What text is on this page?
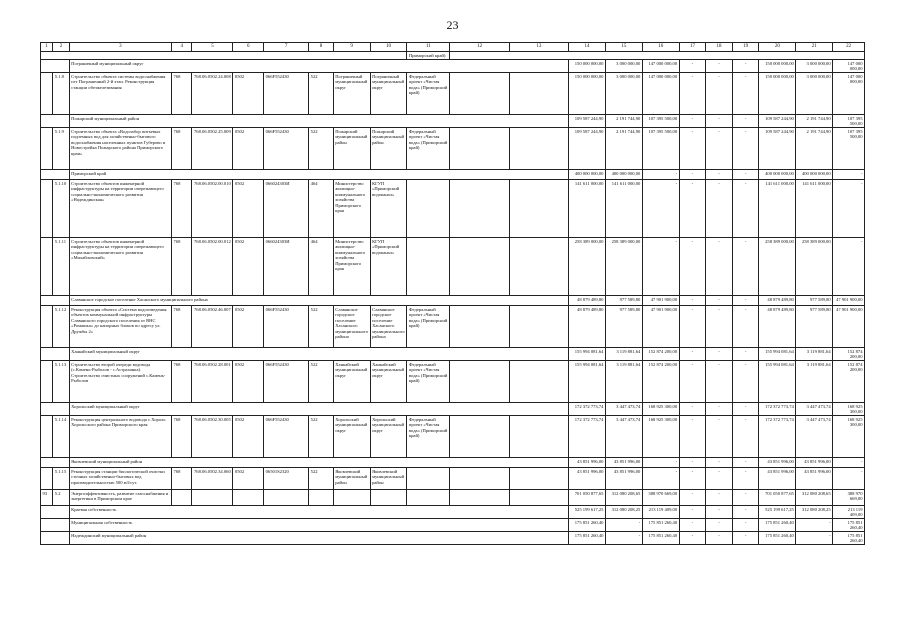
23
1	2	3	4	5	6	7	8	9	10	11	12	13	14	15	16	17	18	19	20	21	22
										Приморский край)											
		Пограничный муниципальный округ											150 000 000,00	3 000 000,00	147 000 000,00	-	-	-	150 000 000,00	3 000 000,00	147 000 000,00
	5.1.8	Строительство объекта системы водоснабжения пгт Пограничный 2-й этап. Реконструкция станции обезжелезивания	768	768.06.0502.24.008	0502	066F552430	522	Пограничный муниципальный округ	Пограничный муниципальный округ	Федеральный проект «Чистая вода» (Приморский край)			150 000 000,00	3 000 000,00	147 000 000,00	-	-	-	150 000 000,00	3 000 000,00	147 000 000,00
		Пожарский муниципальный район											109 587 244,90	2 191 744,90	107 395 500,00	-	-	-	109 587 244,90	2 191 744,90	107 395 500,00
	5.1.9	Строительство объекта «Водозабор питьевых подземных вод для хозяйственно-бытового водоснабжения населенных пунктов Губерово и Новостройка Пожарского района Приморского края»	768	768.06.0502.25.009	0502	066F552430	522	Пожарский муниципальный район	Пожарский муниципальный район	Федеральный проект «Чистая вода» (Приморский край)			109 587 244,90	2 191 744,90	107 395 500,00	-	-	-	109 587 244,90	2 191 744,90	107 395 500,00
		Приморский край											400 000 000,00	400 000 000,00	-	-	-	-	400 000 000,00	400 000 000,00	-
	5.1.10	Строительство объектов инженерной инфраструктуры на территории опережающего социально-экономического развития «Надеждинская»	768	768.06.0502.00.010	0502	066024303И	464	Министерство жилищно-коммунального хозяйства Приморского края	КГУП «Приморский водоканал»				141 611 000,00	141 611 000,00	-	-	-	-	141 611 000,00	141 611 000,00	-
	5.1.11	Строительство объектов инженерной инфраструктуры на территории опережающего социально-экономического развития «Михайловский»	768	768.06.0502.00.012	0502	066024303И	464	Министерство жилищно-коммунального хозяйства Приморского края	КГУП «Приморский водоканал»				258 389 000,00	258 389 000,00	-	-	-	-	258 389 000,00	258 389 000,00	-
		Славянское городское поселение Хасанского муниципального района											48 879 489,80	977 589,80	47 901 900,00	-	-	-	48 879 489,80	977 589,80	47 901 900,00
	5.1.12	Реконструкция объекта «Система водоотведения объектов коммунальной инфраструктуры Славянского городского поселения от ВНС «Ромашка» до напорных блоков по адресу ул. Дружбы 2»	768	768.06.0502.46.007	0502	066F552430	522	Славянское городское поселение Хасанского муниципального района	Славянское городское поселение Хасанского муниципального района	Федеральный проект «Чистая вода» (Приморский край)			48 879 489,80	977 589,80	47 901 900,00	-	-	-	48 879 489,80	977 589,80	47 901 900,00
		Ханкайский муниципальный округ											155 994 081,64	3 119 881,64	152 874 200,00	-	-	-	155 994 081,64	3 119 881,64	152 874 200,00
	5.1.13	Строительство второй очереди водовода (с.Камень-Рыболов - с.Астраханка). Строительство очистных сооружений с.Камень-Рыболов	768	768.06.0502.28.001	0502	066F552430	522	Ханкайский муниципальный округ	Ханкайский муниципальный округ	Федеральный проект «Чистая вода» (Приморский край)			155 994 081,64	3 119 881,64	152 874 200,00	-	-	-	155 994 081,64	3 119 881,64	152 874 200,00
		Хорольский муниципальный округ											172 372 773,74	3 447 473,74	168 925 300,00	-	-	-	172 372 773,74	3 447 473,74	168 925 300,00
	5.1.14	Реконструкция центрального водовода с.Хороль Хорольского района Приморского края	768	768.06.0502.30.005	0502	066F552430	522	Хорольский муниципальный округ	Хорольский муниципальный округ	Федеральный проект «Чистая вода» (Приморский край)			172 372 773,74	3 447 473,74	168 925 300,00	-	-	-	172 372 773,74	3 447 473,74	168 925 300,00
		Яковлевский муниципальный район											43 851 996,00	43 851 996,00	-	-	-	-	43 851 996,00	43 851 996,00	-
	5.1.15	Реконструкция станции биологической очистки сточных хозяйственно-бытовых вод производительностью 500 м3/сут.	768	768.06.0502.34.060	0502	06501S2320	522	Яковлевский муниципальный район	Яковлевский муниципальный район				43 851 996,00	43 851 996,00	-	-	-	-	43 851 996,00	43 851 996,00	-
93	5.2	Энергоэффективность, развитие газоснабжения и энергетики в Приморском крае											701 050 877,65	312 080 208,65	388 970 669,00	-	-	-	701 050 877,65	312 080 208,65	388 970 669,00
		Краевая собственность											525 199 617,25	312 080 208,25	213 119 409,00	-	-	-	525 199 617,25	312 080 208,25	213 119 409,00
		Муниципальная собственность											175 851 260,40	-	175 851 260,40	-	-	-	175 851 260,40	-	175 851 260,40
		Надеждинский муниципальный район											175 851 260,40	-	175 851 260,40	-	-	-	175 851 260,40	-	175 851 260,40
